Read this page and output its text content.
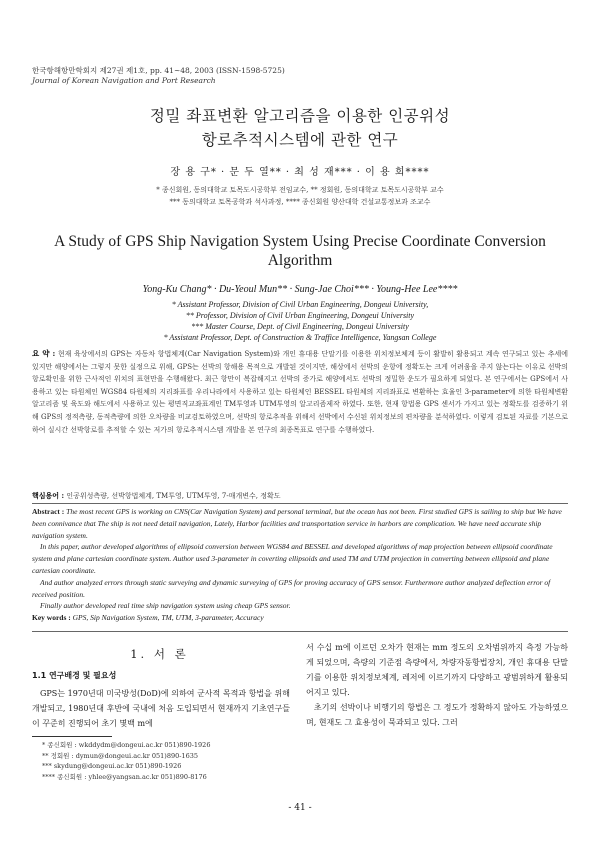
한국항해항만학회지 제27권 제1호, pp. 41~48, 2003 (ISSN-1598-5725)
Journal of Korean Navigation and Port Research
정밀 좌표변환 알고리즘을 이용한 인공위성
항로추적시스템에 관한 연구
장 용 구* · 문 두 열** · 최 성 재*** · 이 용 희****
* 종신회원, 동의대학교 토목도시공학부 전임교수, ** 정회원, 동의대학교 토목도시공학부 교수
*** 동의대학교 토목공학과 석사과정, **** 종신회원 양산대학 건설교통정보과 조교수
A Study of GPS Ship Navigation System Using Precise Coordinate Conversion
Algorithm
Yong-Ku Chang* · Du-Yeoul Mun** · Sung-Jae Choi*** · Young-Hee Lee****
* Assistant Professor, Division of Civil Urban Engineering, Dongeui University,
** Professor, Division of Civil Urban Engineering, Dongeui University
*** Master Course, Dept. of Civil Engineering, Dongeui University
* Assistant Professor, Dept. of Construction & Traffice Intelligence, Yangsan College
요 약 : 현재 육상에서의 GPS는 자동차 항법체계(Car Navigation System)와 개인 휴대용 단말기를 이용한 위치정보체계 등이 활발히 활용되고 계속 연구되고 있는 추세에 있지만 해양에서는 그렇지 못한 실정으로 위해, GPS는 선박의 항해용 목적으로 개발된 것이지만, 해상에서 선박의 운항에 정확도는 크게 어려움을 주지 않는다는 이유로 선박의 항로확인을 위한 근사적인 위치의 표현만을 수행해왔다. 최근 항만이 복잡해지고 선박의 증가로 해양에서도 선박의 정밀한 운도가 필요하게 되었다. 본 연구에서는 GPS에서 사용하고 있는 타원체인 WGS84 타원체의 지리좌표를 우리나라에서 사용하고 있는 타원체인 BESSEL 타원체의 지리좌표로 변환하는 효율인 3-parameter에 의한 타원체변환알고리즘 및 육도와 해도에서 사용하고 있는 평면직교좌표계인 TM투영과 UTM투영의 알고리즘제작 하였다. 또한, 현재 항법용 GPS 센서가 가지고 있는 정확도를 검증하기 위해 GPS의 정적측량, 동적측량에 의한 오차량을 비교검토하였으며, 선박의 항로추적을 위해서 선박에서 수신된 위치정보의 편차량을 분석하였다. 이렇게 검토된 자료를 기본으로 하여 실시간 선박항로를 추적할 수 있는 저가의 항로추적시스템 개발을 본 연구의 최종목표로 연구를 수행하였다.
핵심용어 : 인공위성측량, 선박항법체계, TM투영, UTM투영, 7-매개변수, 정확도

Abstract : The most recent GPS is working on CNS(Car Navigation System) and personal terminal, but the ocean has not been. First studied GPS is sailing to ship but We have been connivance that The ship is not need detail navigation, Lately, Harbor facilities and transportation service in harbors are complication. We have need accurate ship navigation system.

In this paper, author developed algorithms of ellipsoid conversion between WGS84 and BESSEL and developed algorithms of map projection between ellipsoid coordinate system and plane cartesian coordinate system. Author used 3-parameter in coverting ellipsoids and used TM and UTM projection in converting between ellipsoid and plane cartesian coordinate.

And author analyzed errors through static surveying and dynamic surveying of GPS for proving accuracy of GPS sensor. Furthermore author analyzed deflection error of received position.

Finally author developed real time ship navigation system using cheap GPS sensor.

Key words : GPS, Sip Navigation System, TM, UTM, 3-parameter, Accuracy
1. 서 론
1.1 연구배경 및 필요성

GPS는 1970년대 미국방성(DoD)에 의하여 군사적 목적과 항법을 위해 개발되고, 1980년대 후반에 국내에 처음 도입되면서 현재까지 기초연구들이 꾸준히 진행되어 초기 몇백 m에

서 수십 m에 이르던 오차가 현재는 mm 정도의 오차범위까지 측정 가능하게 되었으며, 측량의 기준점 측량에서, 차량자동항법장치, 개인 휴대용 단말기를 이용한 위치정보체계, 레저에 이르기까지 다양하고 광범위하게 활용되어지고 있다.

초기의 선박이나 비행기의 항법은 그 정도가 정확하지 않아도 가능하였으며, 현재도 그 효용성이 묵과되고 있다. 그러

* 종신회원 : wkddydm@dongeui.ac.kr 051)890-1926
** 정회원 : dymun@dongeui.ac.kr 051)890-1635
*** skydung@dongeui.ac.kr 051)890-1926
**** 종신회원 : yhlee@yangsan.ac.kr 051)890-8176
- 41 -
